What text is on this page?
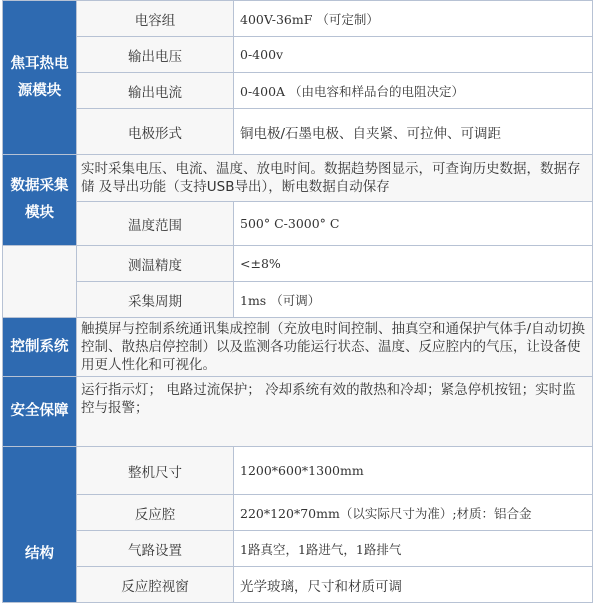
焦耳热电源模块	电容组	400V-36mF （可定制）
	输出电压	0-400v
	输出电流	0-400A （由电容和样品台的电阻决定）
	电极形式	铜电极/石墨电极、自夹紧、可拉伸、可调距
数据采集模块	实时采集电压、电流、温度、放电时间。数据趋势图显示，可查询历史数据，数据存储 及导出功能（支持USB导出），断电数据自动保存	
	温度范围	500° C-3000° C
	测温精度	<±8%
	采集周期	1ms （可调）
控制系统	触摸屏与控制系统通讯集成控制（充放电时间控制、抽真空和通保护气体手/自动切换控制、散热启停控制）以及监测各功能运行状态、温度、反应腔内的气压，让设备使用更人性化和可视化。	
安全保障	运行指示灯； 电路过流保护； 冷却系统有效的散热和冷却；紧急停机按钮；实时监控与报警；	
结构	整机尺寸	1200*600*1300mm
	反应腔	220*120*70mm（以实际尺寸为准）;材质：铝合金
	气路设置	1路真空，1路进气，1路排气
	反应腔视窗	光学玻璃，尺寸和材质可调
